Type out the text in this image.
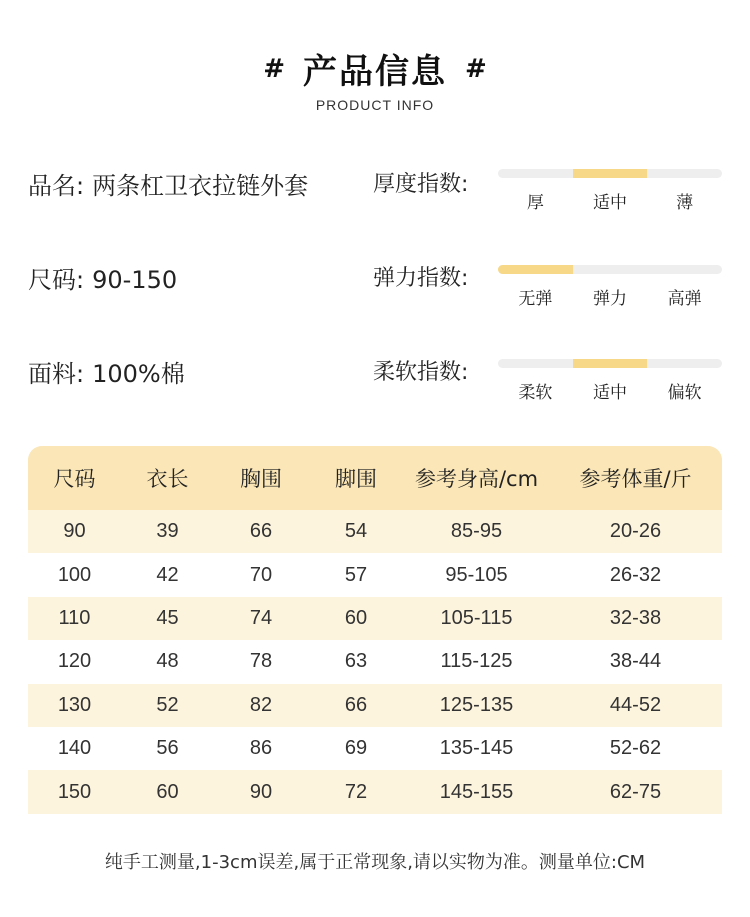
# 产品信息 #
PRODUCT INFO
品名: 两条杠卫衣拉链外套
尺码: 90-150
面料: 100%棉
厚度指数:
厚	适中	薄
弹力指数:
无弹	弹力	高弹
柔软指数:
柔软	适中	偏软
尺码	衣长	胸围	脚围	参考身高/cm	参考体重/斤
90	39	66	54	85-95	20-26
100	42	70	57	95-105	26-32
110	45	74	60	105-115	32-38
120	48	78	63	115-125	38-44
130	52	82	66	125-135	44-52
140	56	86	69	135-145	52-62
150	60	90	72	145-155	62-75
纯手工测量,1-3cm误差,属于正常现象,请以实物为准。测量单位:CM
